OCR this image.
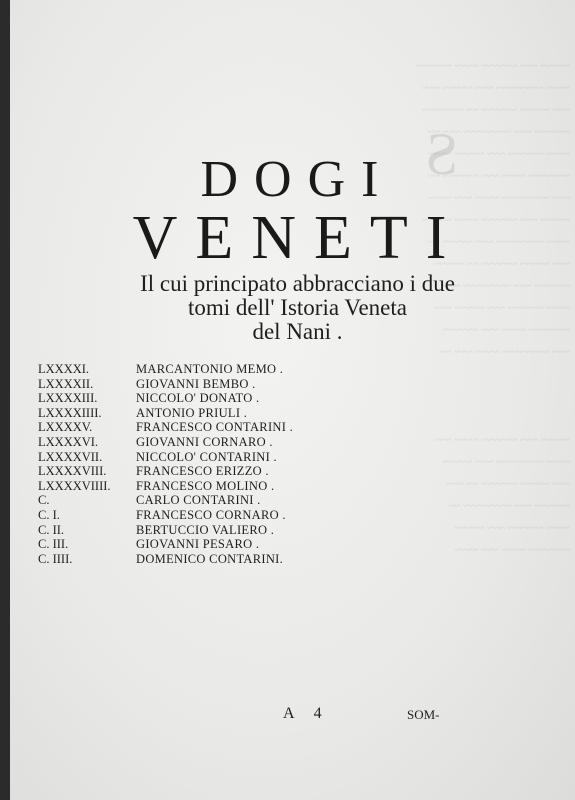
S
~~~~~ ~~~ ~~~~~~ ~~~~ ~~~~~~
~~~~ ~~~~~~~~ ~~~ ~~~~~ ~~~
~~~ ~~~~~ ~~~~~~ ~~ ~~~~~~~
~~~~~~ ~~~ ~~~~~~~~ ~~~ ~~
~~~~ ~~~~~~ ~~~ ~~~~~ ~~~~
~~~~~~~ ~~~~ ~~~ ~~~~~~ ~~
~~~ ~~~~~~~~ ~~~~ ~~~ ~~~~
~~~~~ ~~~ ~~~~~~ ~~~~ ~~~~~
~~~~ ~~~~~~~~ ~~~ ~~~~~ ~~
~~~ ~~~~~ ~~~~~~ ~~ ~~~~~
~~~~~~ ~~~ ~~~~~~~~ ~~~
~~~~ ~~~~~~ ~~~ ~~~~~ ~~~
~~~~~~~ ~~~~ ~~~ ~~~~~~
~~~ ~~~~~~~~ ~~~~ ~~~ ~~

~~~~~ ~~~ ~~~~~~ ~~~~ ~~~
~~~~ ~~~~~~~~ ~~~ ~~~~~
~~~ ~~~~~ ~~~~~~ ~~ ~~~
~~~~~~ ~~~ ~~~~~~~~ ~~
~~~~ ~~~~~~ ~~~ ~~~~~
~~~~~~~ ~~~~ ~~~ ~~~~
DOGI
VENETI
Il cui principato abbracciano i due
tomi dell' Istoria Veneta
del Nani .
LXXXXI.	MARCANTONIO MEMO .
LXXXXII.	GIOVANNI BEMBO .
LXXXXIII.	NICCOLO' DONATO .
LXXXXIIII.	ANTONIO PRIULI .
LXXXXV.	FRANCESCO CONTARINI .
LXXXXVI.	GIOVANNI CORNARO .
LXXXXVII.	NICCOLO' CONTARINI .
LXXXXVIII.	FRANCESCO ERIZZO .
LXXXXVIIII.	FRANCESCO MOLINO .
C.	CARLO CONTARINI .
C. I.	FRANCESCO CORNARO .
C. II.	BERTUCCIO VALIERO .
C. III.	GIOVANNI PESARO .
C. IIII.	DOMENICO CONTARINI.
A 4	SOM-
